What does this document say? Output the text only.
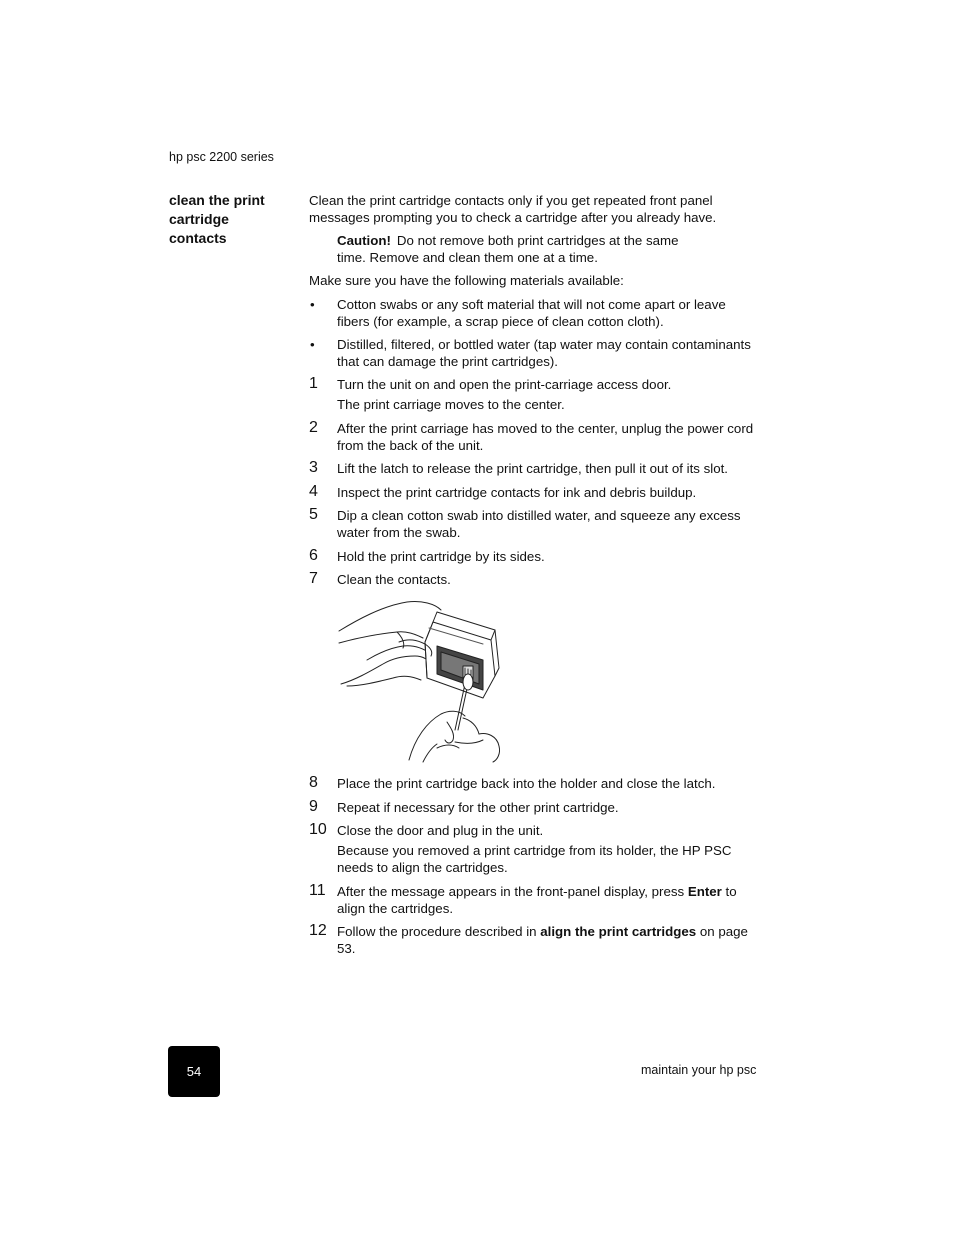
hp psc 2200 series
clean the print cartridge contacts

Clean the print cartridge contacts only if you get repeated front panel messages prompting you to check a cartridge after you already have.

Caution! Do not remove both print cartridges at the same time. Remove and clean them one at a time.

Make sure you have the following materials available:

• Cotton swabs or any soft material that will not come apart or leave fibers (for example, a scrap piece of clean cotton cloth).
• Distilled, filtered, or bottled water (tap water may contain contaminants that can damage the print cartridges).
1 Turn the unit on and open the print-carriage access door.
The print carriage moves to the center.
2 After the print carriage has moved to the center, unplug the power cord from the back of the unit.
3 Lift the latch to release the print cartridge, then pull it out of its slot.
4 Inspect the print cartridge contacts for ink and debris buildup.
5 Dip a clean cotton swab into distilled water, and squeeze any excess water from the swab.
6 Hold the print cartridge by its sides.
7 Clean the contacts.
8 Place the print cartridge back into the holder and close the latch.
9 Repeat if necessary for the other print cartridge.
10 Close the door and plug in the unit.
Because you removed a print cartridge from its holder, the HP PSC needs to align the cartridges.
11 After the message appears in the front-panel display, press Enter to align the cartridges.
12 Follow the procedure described in align the print cartridges on page 53.
54	maintain your hp psc
